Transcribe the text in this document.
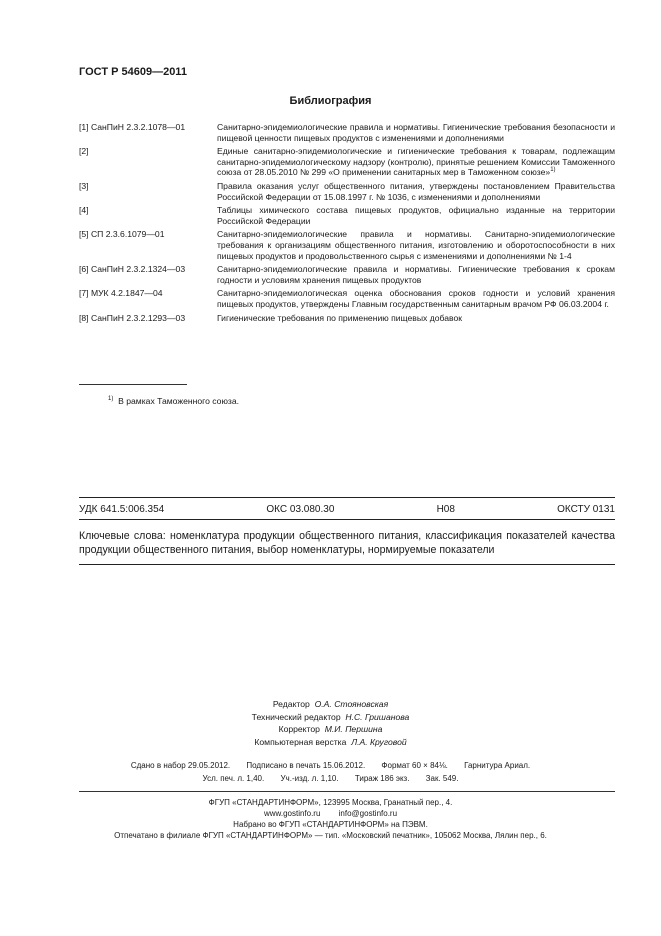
ГОСТ Р 54609—2011
Библиография
[1] СанПиН 2.3.2.1078—01	Санитарно-эпидемиологические правила и нормативы. Гигиенические требования безопасности и пищевой ценности пищевых продуктов с изменениями и дополнениями
[2]	Единые санитарно-эпидемиологические и гигиенические требования к товарам, подлежащим санитарно-эпидемиологическому надзору (контролю), принятые решением Комиссии Таможенного союза от 28.05.2010 № 299 «О применении санитарных мер в Таможенном союзе»$^{1)}$
[3]	Правила оказания услуг общественного питания, утверждены постановлением Правительства Российской Федерации от 15.08.1997 г. № 1036, с изменениями и дополнениями
[4]	Таблицы химического состава пищевых продуктов, официально изданные на территории Российской Федерации
[5] СП 2.3.6.1079—01	Санитарно-эпидемиологические правила и нормативы. Санитарно-эпидемиологические требования к организациям общественного питания, изготовлению и оборотоспособности в них пищевых продуктов и продовольственного сырья с изменениями и дополнениями № 1-4
[6] СанПиН 2.3.2.1324—03	Санитарно-эпидемиологические правила и нормативы. Гигиенические требования к срокам годности и условиям хранения пищевых продуктов
[7] МУК 4.2.1847—04	Санитарно-эпидемиологическая оценка обоснования сроков годности и условий хранения пищевых продуктов, утверждены Главным государственным санитарным врачом РФ 06.03.2004 г.
[8] СанПиН 2.3.2.1293—03	Гигиенические требования по применению пищевых добавок
$^{1)}$ В рамках Таможенного союза.
УДК 641.5:006.354	ОКС 03.080.30	Н08	ОКСТУ 0131
Ключевые слова: номенклатура продукции общественного питания, классификация показателей качества продукции общественного питания, выбор номенклатуры, нормируемые показатели
Редактор О.А. Стояновская
Технический редактор Н.С. Гришанова
Корректор М.И. Першина
Компьютерная верстка Л.А. Круговой
Сдано в набор 29.05.2012. Подписано в печать 15.06.2012. Формат 60 × 84⅛. Гарнитура Ариал.
Усл. печ. л. 1,40. Уч.-изд. л. 1,10. Тираж 186 экз. Зак. 549.
ФГУП «СТАНДАРТИНФОРМ», 123995 Москва, Гранатный пер., 4.
www.gostinfo.ru info@gostinfo.ru
Набрано во ФГУП «СТАНДАРТИНФОРМ» на ПЭВМ.
Отпечатано в филиале ФГУП «СТАНДАРТИНФОРМ» — тип. «Московский печатник», 105062 Москва, Лялин пер., 6.
